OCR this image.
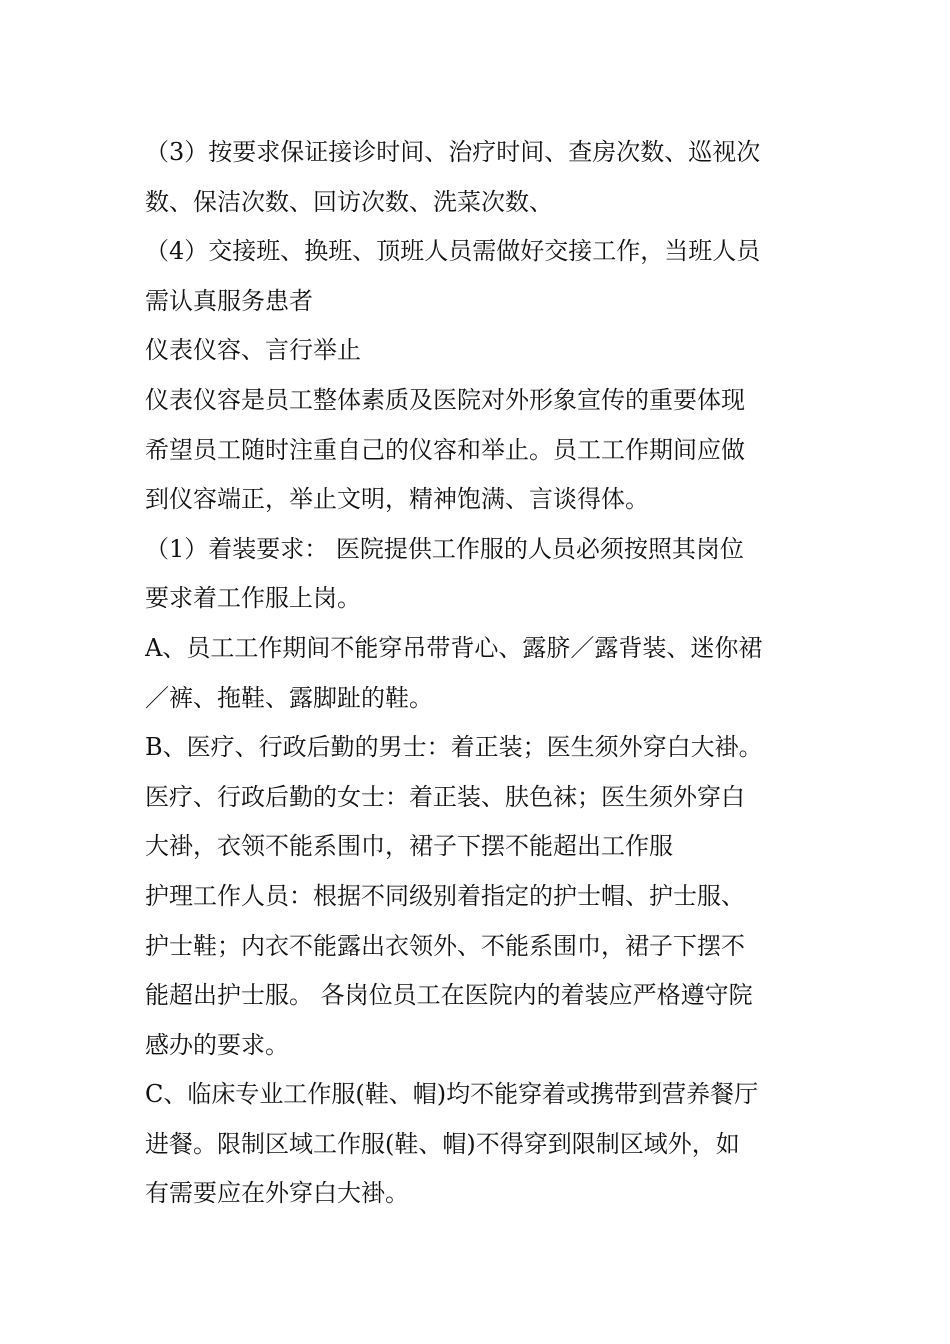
（3）按要求保证接诊时间、治疗时间、查房次数、巡视次
数、保洁次数、回访次数、洗菜次数、
（4）交接班、换班、顶班人员需做好交接工作，当班人员
需认真服务患者
仪表仪容、言行举止
仪表仪容是员工整体素质及医院对外形象宣传的重要体现
希望员工随时注重自己的仪容和举止。员工工作期间应做
到仪容端正，举止文明，精神饱满、言谈得体。
（1）着装要求： 医院提供工作服的人员必须按照其岗位
要求着工作服上岗。
A、员工工作期间不能穿吊带背心、露脐／露背装、迷你裙
／裤、拖鞋、露脚趾的鞋。
B、医疗、行政后勤的男士：着正装；医生须外穿白大褂。
医疗、行政后勤的女士：着正装、肤色袜；医生须外穿白
大褂，衣领不能系围巾，裙子下摆不能超出工作服
护理工作人员：根据不同级别着指定的护士帽、护士服、
护士鞋；内衣不能露出衣领外、不能系围巾，裙子下摆不
能超出护士服。 各岗位员工在医院内的着装应严格遵守院
感办的要求。
C、临床专业工作服(鞋、帽)均不能穿着或携带到营养餐厅
进餐。限制区域工作服(鞋、帽)不得穿到限制区域外，如
有需要应在外穿白大褂。
